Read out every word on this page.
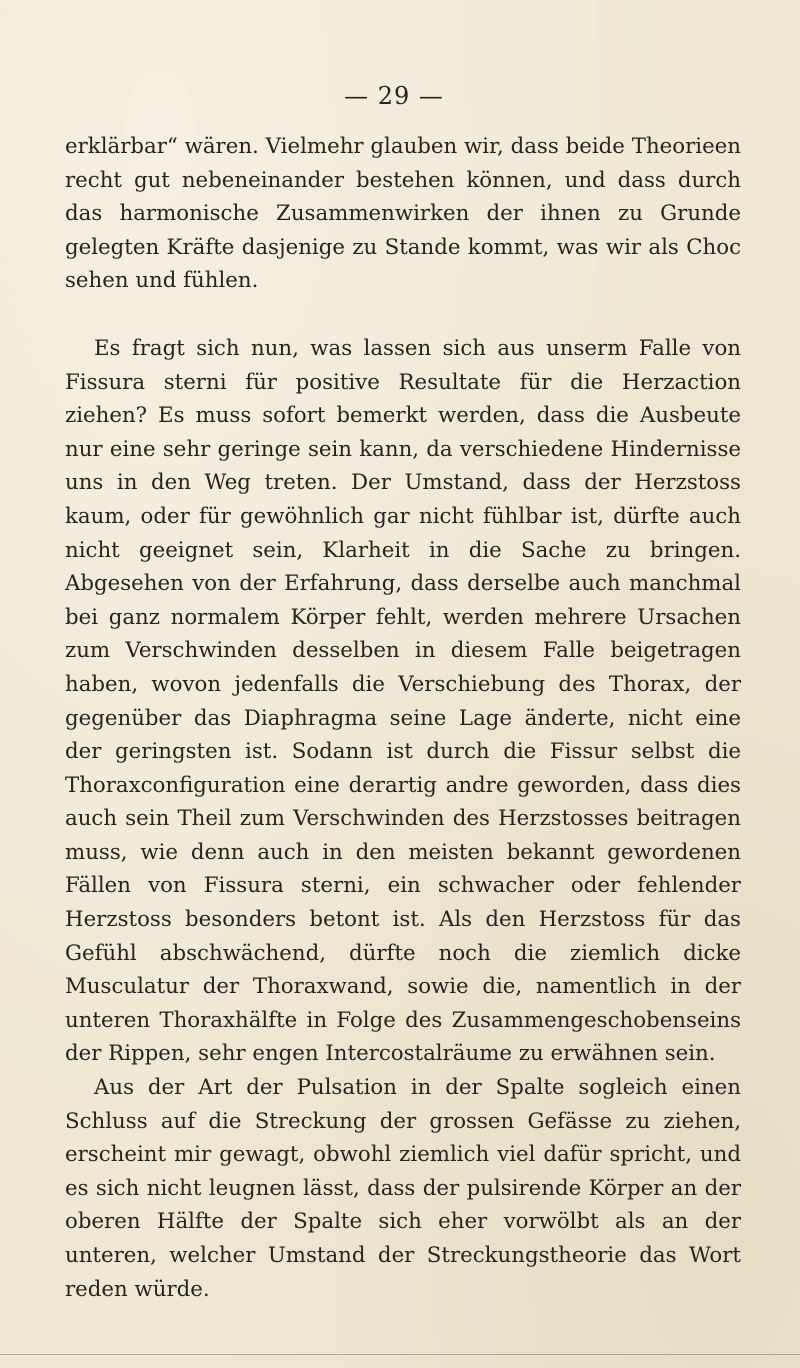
— 29 —

erklärbar“ wären. Vielmehr glauben wir, dass beide Theorieen recht gut nebeneinander bestehen können, und dass durch das harmonische Zusammenwirken der ihnen zu Grunde gelegten Kräfte dasjenige zu Stande kommt, was wir als Choc sehen und fühlen.

Es fragt sich nun, was lassen sich aus unserm Falle von Fissura sterni für positive Resultate für die Herzaction ziehen? Es muss sofort bemerkt werden, dass die Ausbeute nur eine sehr geringe sein kann, da verschiedene Hindernisse uns in den Weg treten. Der Umstand, dass der Herzstoss kaum, oder für gewöhnlich gar nicht fühlbar ist, dürfte auch nicht geeignet sein, Klarheit in die Sache zu bringen. Abgesehen von der Erfahrung, dass derselbe auch manchmal bei ganz normalem Körper fehlt, werden mehrere Ursachen zum Verschwinden desselben in diesem Falle beigetragen haben, wovon jedenfalls die Verschiebung des Thorax, der gegenüber das Diaphragma seine Lage änderte, nicht eine der geringsten ist. Sodann ist durch die Fissur selbst die Thoraxconfiguration eine derartig andre geworden, dass dies auch sein Theil zum Verschwinden des Herzstosses beitragen muss, wie denn auch in den meisten bekannt gewordenen Fällen von Fissura sterni, ein schwacher oder fehlender Herzstoss besonders betont ist. Als den Herzstoss für das Gefühl abschwächend, dürfte noch die ziemlich dicke Musculatur der Thoraxwand, sowie die, namentlich in der unteren Thoraxhälfte in Folge des Zusammengeschobenseins der Rippen, sehr engen Intercostalräume zu erwähnen sein.

Aus der Art der Pulsation in der Spalte sogleich einen Schluss auf die Streckung der grossen Gefässe zu ziehen, erscheint mir gewagt, obwohl ziemlich viel dafür spricht, und es sich nicht leugnen lässt, dass der pulsirende Körper an der oberen Hälfte der Spalte sich eher vorwölbt als an der unteren, welcher Umstand der Streckungstheorie das Wort reden würde.
